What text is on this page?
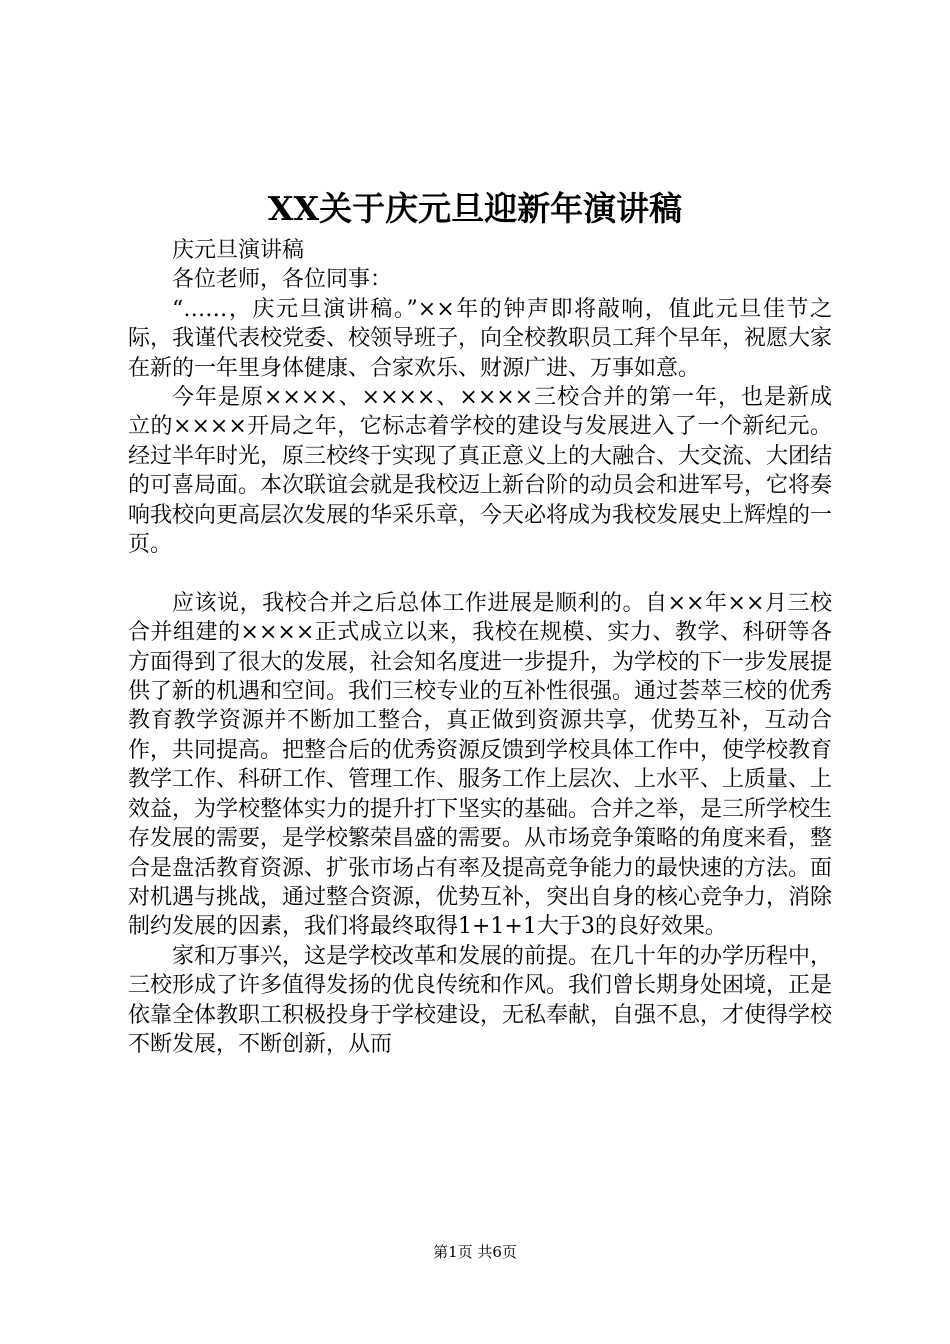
XX关于庆元旦迎新年演讲稿

庆元旦演讲稿

各位老师，各位同事：

“……，庆元旦演讲稿。”××年的钟声即将敲响，值此元旦佳节之际，我谨代表校党委、校领导班子，向全校教职员工拜个早年，祝愿大家在新的一年里身体健康、合家欢乐、财源广进、万事如意。

今年是原××××、××××、××××三校合并的第一年，也是新成立的××××开局之年，它标志着学校的建设与发展进入了一个新纪元。经过半年时光，原三校终于实现了真正意义上的大融合、大交流、大团结的可喜局面。本次联谊会就是我校迈上新台阶的动员会和进军号，它将奏响我校向更高层次发展的华采乐章，今天必将成为我校发展史上辉煌的一页。

应该说，我校合并之后总体工作进展是顺利的。自××年××月三校合并组建的××××正式成立以来，我校在规模、实力、教学、科研等各方面得到了很大的发展，社会知名度进一步提升，为学校的下一步发展提供了新的机遇和空间。我们三校专业的互补性很强。通过荟萃三校的优秀教育教学资源并不断加工整合，真正做到资源共享，优势互补，互动合作，共同提高。把整合后的优秀资源反馈到学校具体工作中，使学校教育教学工作、科研工作、管理工作、服务工作上层次、上水平、上质量、上效益，为学校整体实力的提升打下坚实的基础。合并之举，是三所学校生存发展的需要，是学校繁荣昌盛的需要。从市场竞争策略的角度来看，整合是盘活教育资源、扩张市场占有率及提高竞争能力的最快速的方法。面对机遇与挑战，通过整合资源，优势互补，突出自身的核心竞争力，消除制约发展的因素，我们将最终取得1+1+1大于3的良好效果。

家和万事兴，这是学校改革和发展的前提。在几十年的办学历程中，三校形成了许多值得发扬的优良传统和作风。我们曾长期身处困境，正是依靠全体教职工积极投身于学校建设，无私奉献，自强不息，才使得学校不断发展，不断创新，从而

第1页 共6页
